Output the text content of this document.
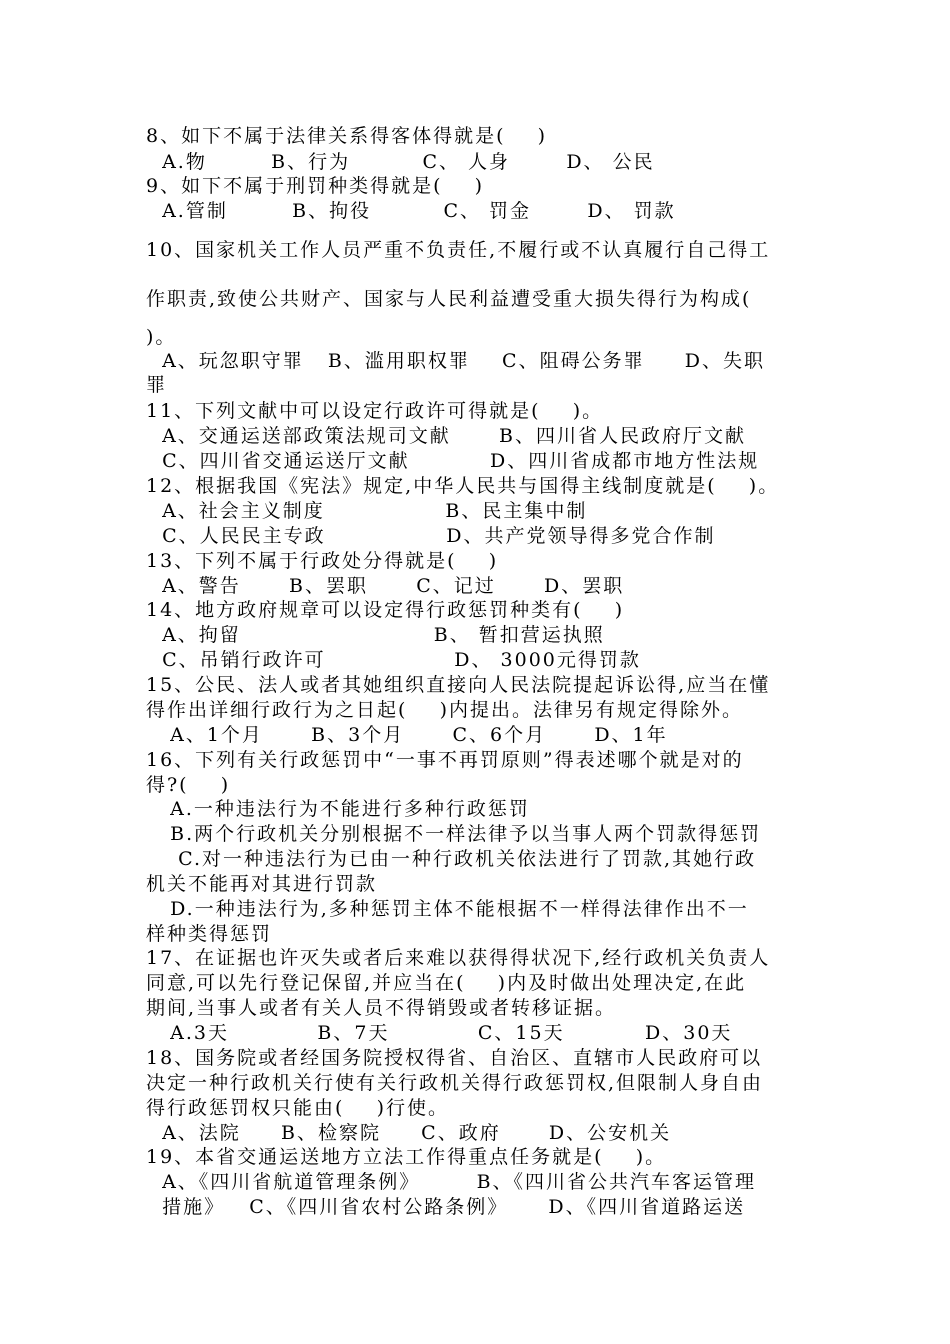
8、如下不属于法律关系得客体得就是(    )
A.物        B、行为         C、 人身       D、 公民
9、如下不属于刑罚种类得就是(    )
A.管制        B、拘役         C、 罚金       D、 罚款
10、国家机关工作人员严重不负责任,不履行或不认真履行自己得工
作职责,致使公共财产、国家与人民利益遭受重大损失得行为构成(
)。
A、玩忽职守罪   B、滥用职权罪    C、阻碍公务罪     D、失职
罪
11、下列文献中可以设定行政许可得就是(    )。
A、交通运送部政策法规司文献      B、四川省人民政府厅文献
C、四川省交通运送厅文献          D、四川省成都市地方性法规
12、根据我国《宪法》规定,中华人民共与国得主线制度就是(    )。
A、社会主义制度               B、民主集中制
C、人民民主专政               D、共产党领导得多党合作制
13、下列不属于行政处分得就是(    )
A、警告      B、罢职      C、记过      D、罢职
14、地方政府规章可以设定得行政惩罚种类有(    )
A、拘留                        B、 暂扣营运执照
C、吊销行政许可                D、 3000元得罚款
15、公民、法人或者其她组织直接向人民法院提起诉讼得,应当在懂
得作出详细行政行为之日起(    )内提出。法律另有规定得除外。
A、1个月      B、3个月      C、6个月      D、1年
16、下列有关行政惩罚中“一事不再罚原则”得表述哪个就是对的
得?(    )
A.一种违法行为不能进行多种行政惩罚
B.两个行政机关分别根据不一样法律予以当事人两个罚款得惩罚
C.对一种违法行为已由一种行政机关依法进行了罚款,其她行政
机关不能再对其进行罚款
D.一种违法行为,多种惩罚主体不能根据不一样得法律作出不一
样种类得惩罚
17、在证据也许灭失或者后来难以获得得状况下,经行政机关负责人
同意,可以先行登记保留,并应当在(    )内及时做出处理决定,在此
期间,当事人或者有关人员不得销毁或者转移证据。
A.3天           B、7天           C、15天          D、30天
18、国务院或者经国务院授权得省、自治区、直辖市人民政府可以
决定一种行政机关行使有关行政机关得行政惩罚权,但限制人身自由
得行政惩罚权只能由(    )行使。
A、法院     B、检察院     C、政府      D、公安机关
19、本省交通运送地方立法工作得重点任务就是(    )。
A、《四川省航道管理条例》       B、《四川省公共汽车客运管理
措施》   C、《四川省农村公路条例》     D、《四川省道路运送
